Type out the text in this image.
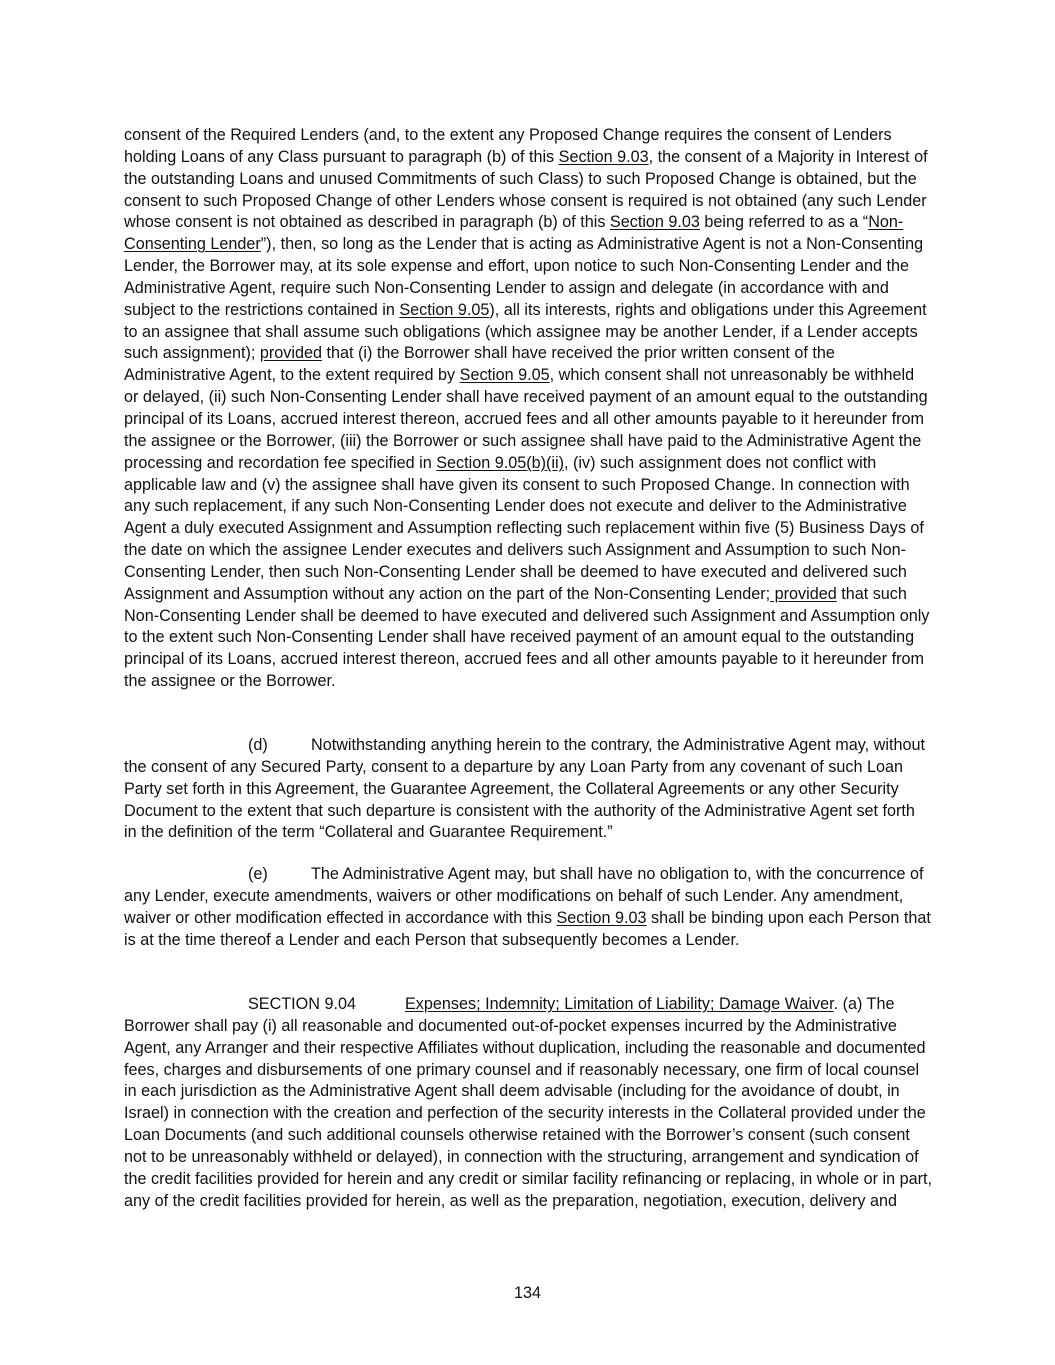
consent of the Required Lenders (and, to the extent any Proposed Change requires the consent of Lenders holding Loans of any Class pursuant to paragraph (b) of this Section 9.03, the consent of a Majority in Interest of the outstanding Loans and unused Commitments of such Class) to such Proposed Change is obtained, but the consent to such Proposed Change of other Lenders whose consent is required is not obtained (any such Lender whose consent is not obtained as described in paragraph (b) of this Section 9.03 being referred to as a “Non-Consenting Lender”), then, so long as the Lender that is acting as Administrative Agent is not a Non-Consenting Lender, the Borrower may, at its sole expense and effort, upon notice to such Non-Consenting Lender and the Administrative Agent, require such Non-Consenting Lender to assign and delegate (in accordance with and subject to the restrictions contained in Section 9.05), all its interests, rights and obligations under this Agreement to an assignee that shall assume such obligations (which assignee may be another Lender, if a Lender accepts such assignment); provided that (i) the Borrower shall have received the prior written consent of the Administrative Agent, to the extent required by Section 9.05, which consent shall not unreasonably be withheld or delayed, (ii) such Non-Consenting Lender shall have received payment of an amount equal to the outstanding principal of its Loans, accrued interest thereon, accrued fees and all other amounts payable to it hereunder from the assignee or the Borrower, (iii) the Borrower or such assignee shall have paid to the Administrative Agent the processing and recordation fee specified in Section 9.05(b)(ii), (iv) such assignment does not conflict with applicable law and (v) the assignee shall have given its consent to such Proposed Change. In connection with any such replacement, if any such Non-Consenting Lender does not execute and deliver to the Administrative Agent a duly executed Assignment and Assumption reflecting such replacement within five (5) Business Days of the date on which the assignee Lender executes and delivers such Assignment and Assumption to such Non-Consenting Lender, then such Non-Consenting Lender shall be deemed to have executed and delivered such Assignment and Assumption without any action on the part of the Non-Consenting Lender; provided that such Non-Consenting Lender shall be deemed to have executed and delivered such Assignment and Assumption only to the extent such Non-Consenting Lender shall have received payment of an amount equal to the outstanding principal of its Loans, accrued interest thereon, accrued fees and all other amounts payable to it hereunder from the assignee or the Borrower.

(d)	Notwithstanding anything herein to the contrary, the Administrative Agent may, without the consent of any Secured Party, consent to a departure by any Loan Party from any covenant of such Loan Party set forth in this Agreement, the Guarantee Agreement, the Collateral Agreements or any other Security Document to the extent that such departure is consistent with the authority of the Administrative Agent set forth in the definition of the term “Collateral and Guarantee Requirement.”

(e)	The Administrative Agent may, but shall have no obligation to, with the concurrence of any Lender, execute amendments, waivers or other modifications on behalf of such Lender. Any amendment, waiver or other modification effected in accordance with this Section 9.03 shall be binding upon each Person that is at the time thereof a Lender and each Person that subsequently becomes a Lender.

SECTION 9.04	Expenses; Indemnity; Limitation of Liability; Damage Waiver. (a) The Borrower shall pay (i) all reasonable and documented out-of-pocket expenses incurred by the Administrative Agent, any Arranger and their respective Affiliates without duplication, including the reasonable and documented fees, charges and disbursements of one primary counsel and if reasonably necessary, one firm of local counsel in each jurisdiction as the Administrative Agent shall deem advisable (including for the avoidance of doubt, in Israel) in connection with the creation and perfection of the security interests in the Collateral provided under the Loan Documents (and such additional counsels otherwise retained with the Borrower’s consent (such consent not to be unreasonably withheld or delayed), in connection with the structuring, arrangement and syndication of the credit facilities provided for herein and any credit or similar facility refinancing or replacing, in whole or in part, any of the credit facilities provided for herein, as well as the preparation, negotiation, execution, delivery and

134
